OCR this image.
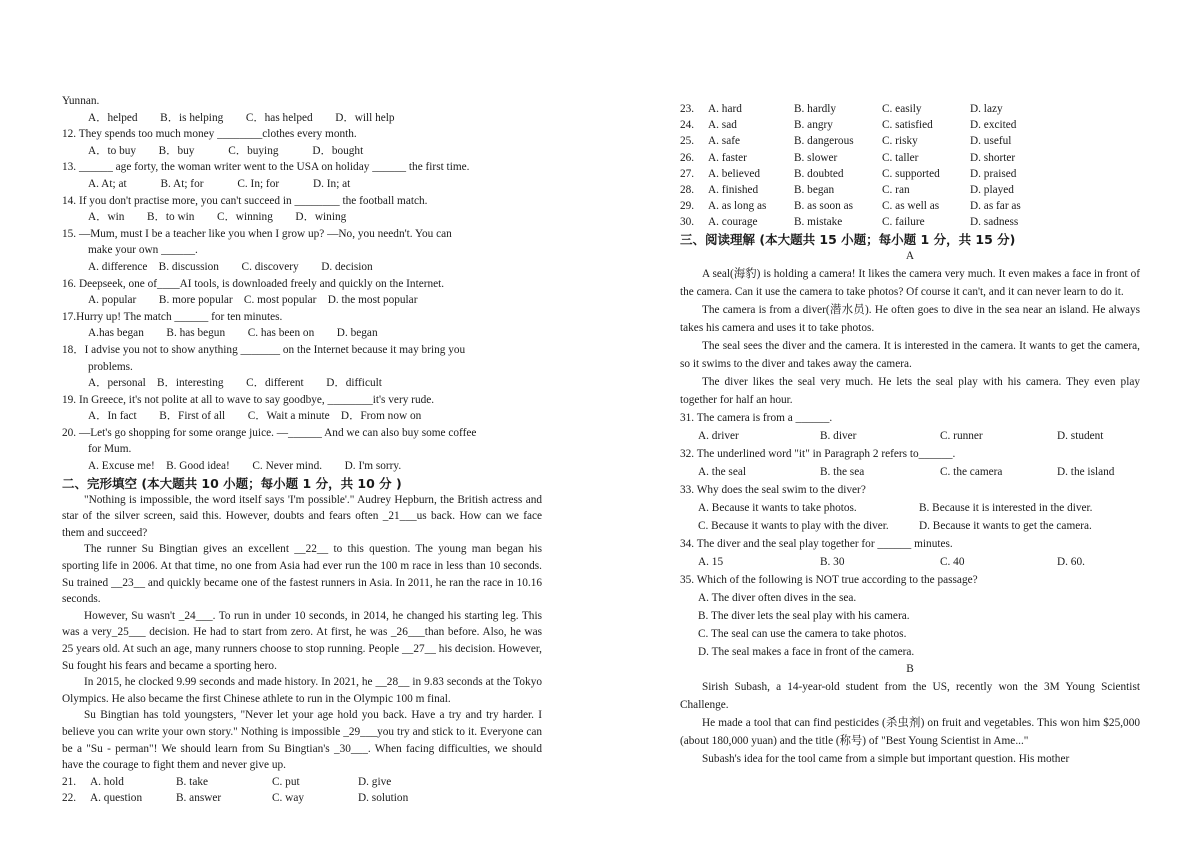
Yunnan.
A．helped　　B．is helping　　C．has helped　　D．will help
12. They spends too much money ________clothes every month.
A．to buy　　B．buy　　　C．buying　　　D．bought
13. ______ age forty, the woman writer went to the USA on holiday ______ the first time.
A. At; at　　　B. At; for　　　C. In; for　　　D. In; at
14. If you don't practise more, you can't succeed in ________ the football match.
A．win　　B．to win　　C．winning　　D．wining
15. —Mum, must I be a teacher like you when I grow up? —No, you needn't. You can
make your own ______.
A. difference　B. discussion　　C. discovery　　D. decision
16. Deepseek, one of____AI tools, is downloaded freely and quickly on the Internet.
A. popular　　B. more popular　C. most popular　D. the most popular
17.Hurry up! The match ______ for ten minutes.
A.has began　　B. has begun　　C. has been on　　D. began
18．I advise you not to show anything _______ on the Internet because it may bring you
problems.
A．personal　B．interesting　　C．different　　D．difficult
19. In Greece, it's not polite at all to wave to say goodbye, ________it's very rude.
A．In fact　　B．First of all　　C．Wait a minute　D．From now on
20. —Let's go shopping for some orange juice. —______ And we can also buy some coffee
for Mum.
A. Excuse me!　B. Good idea!　　C. Never mind.　　D. I'm sorry.
二、完形填空 (本大题共 10 小题；每小题 1 分，共 10 分 )
"Nothing is impossible, the word itself says 'I'm possible'." Audrey Hepburn, the British actress and star of the silver screen, said this. However, doubts and fears often _21___us back. How can we face them and succeed?
The runner Su Bingtian gives an excellent __22__ to this question. The young man began his sporting life in 2006. At that time, no one from Asia had ever run the 100 m race in less than 10 seconds. Su trained __23__ and quickly became one of the fastest runners in Asia. In 2011, he ran the race in 10.16 seconds.
However, Su wasn't _24___. To run in under 10 seconds, in 2014, he changed his starting leg. This was a very_25___ decision. He had to start from zero. At first, he was _26___than before. Also, he was 25 years old. At such an age, many runners choose to stop running. People __27__ his decision. However, Su fought his fears and became a sporting hero.
In 2015, he clocked 9.99 seconds and made history. In 2021, he __28__ in 9.83 seconds at the Tokyo Olympics. He also became the first Chinese athlete to run in the Olympic 100 m final.
Su Bingtian has told youngsters, "Never let your age hold you back. Have a try and try harder. I believe you can write your own story." Nothing is impossible _29___you try and stick to it. Everyone can be a "Su - perman"! We should learn from Su Bingtian's _30___. When facing difficulties, we should have the courage to fight them and never give up.
21.	A. hold	B. take	C. put	D. give
22.	A. question	B. answer	C. way	D. solution
23.	A. hard	B. hardly	C. easily	D. lazy
24.	A. sad	B. angry	C. satisfied	D. excited
25.	A. safe	B. dangerous	C. risky	D. useful
26.	A. faster	B. slower	C. taller	D. shorter
27.	A. believed	B. doubted	C. supported	D. praised
28.	A. finished	B. began	C. ran	D. played
29.	A. as long as	B. as soon as	C. as well as	D. as far as
30.	A. courage	B. mistake	C. failure	D. sadness
三、阅读理解 (本大题共 15 小题；每小题 1 分，共 15 分)
A
A seal(海豹) is holding a camera! It likes the camera very much. It even makes a face in front of the camera. Can it use the camera to take photos? Of course it can't, and it can never learn to do it.
The camera is from a diver(潜水员). He often goes to dive in the sea near an island. He always takes his camera and uses it to take photos.
The seal sees the diver and the camera. It is interested in the camera. It wants to get the camera, so it swims to the diver and takes away the camera.
The diver likes the seal very much. He lets the seal play with his camera. They even play together for half an hour.
31. The camera is from a ______.
A. driver	B. diver	C. runner	D. student
32. The underlined word "it" in Paragraph 2 refers to______.
A. the seal	B. the sea	C. the camera	D. the island
33. Why does the seal swim to the diver?
A. Because it wants to take photos.	B. Because it is interested in the diver.
C. Because it wants to play with the diver.	D. Because it wants to get the camera.
34. The diver and the seal play together for ______ minutes.
A. 15	B. 30	C. 40	D. 60.
35. Which of the following is NOT true according to the passage?
A. The diver often dives in the sea.
B. The diver lets the seal play with his camera.
C. The seal can use the camera to take photos.
D. The seal makes a face in front of the camera.
B
Sirish Subash, a 14-year-old student from the US, recently won the 3M Young Scientist Challenge.
He made a tool that can find pesticides (杀虫剂) on fruit and vegetables. This won him $25,000 (about 180,000 yuan) and the title (称号) of "Best Young Scientist in Ame..."
Subash's idea for the tool came from a simple but important question. His mother
